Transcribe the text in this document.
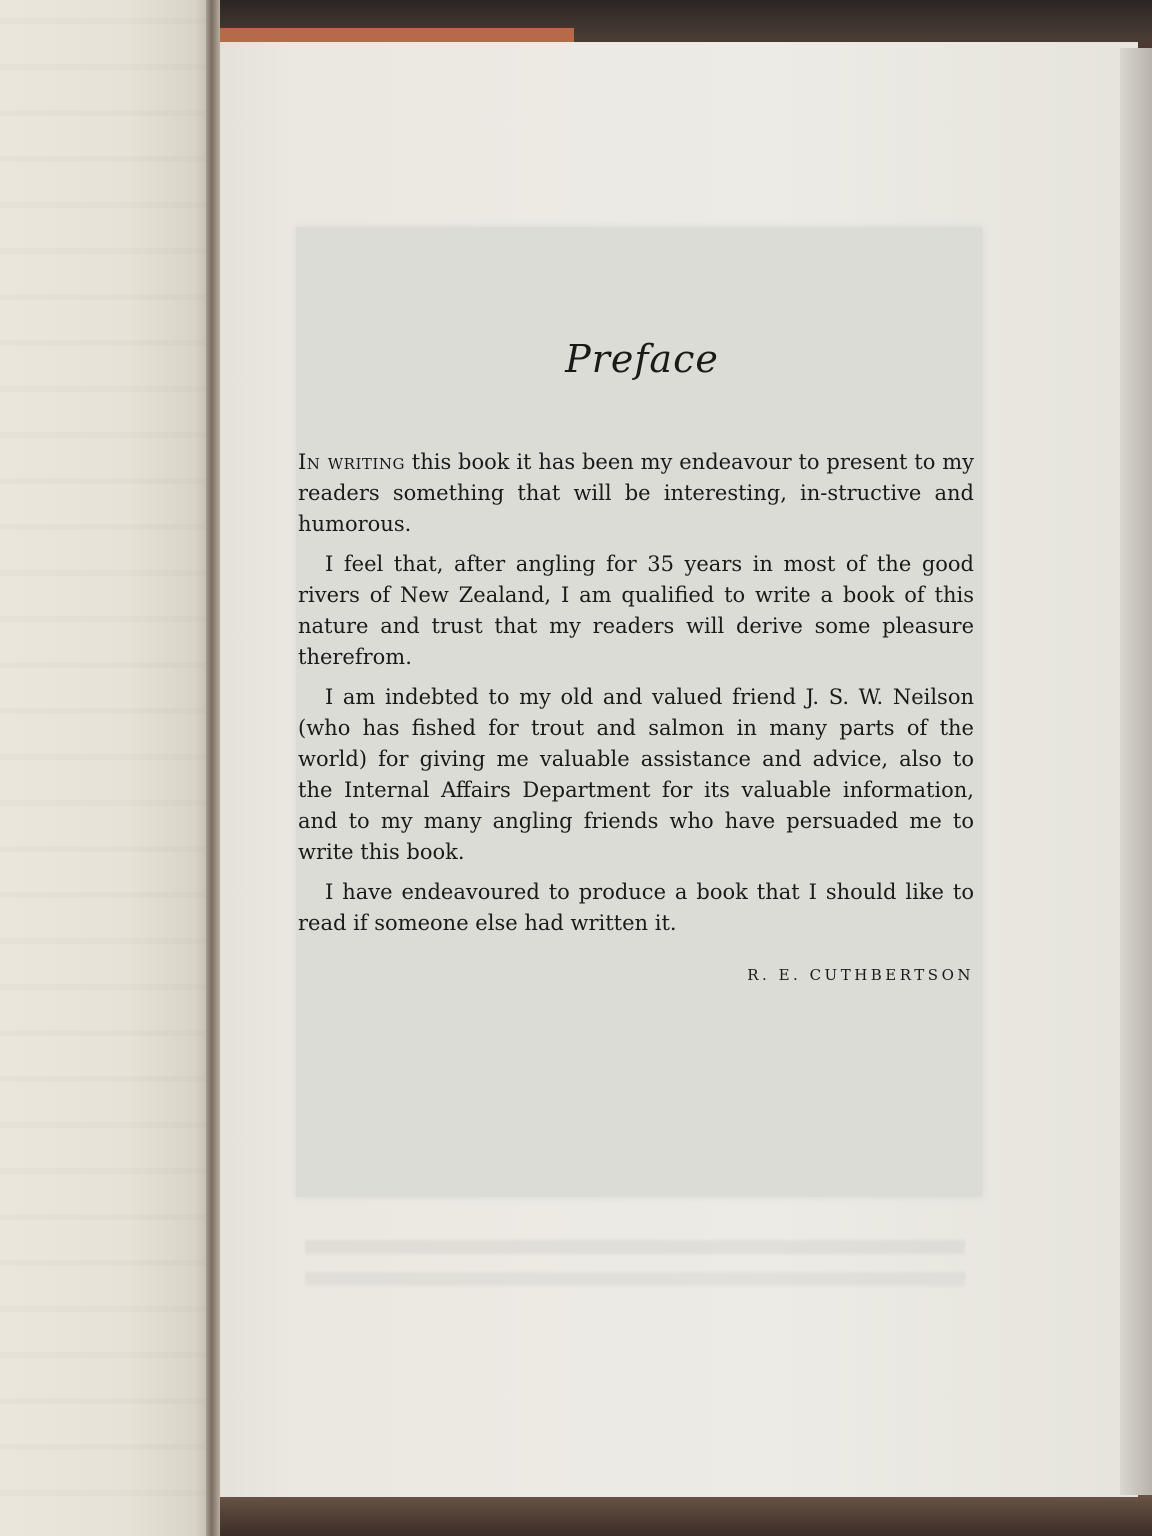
Preface

In writing this book it has been my endeavour to present to my readers something that will be interesting, in-structive and humorous.

I feel that, after angling for 35 years in most of the good rivers of New Zealand, I am qualified to write a book of this nature and trust that my readers will derive some pleasure therefrom.

I am indebted to my old and valued friend J. S. W. Neilson (who has fished for trout and salmon in many parts of the world) for giving me valuable assistance and advice, also to the Internal Affairs Department for its valuable information, and to my many angling friends who have persuaded me to write this book.

I have endeavoured to produce a book that I should like to read if someone else had written it.

R. E. CUTHBERTSON
